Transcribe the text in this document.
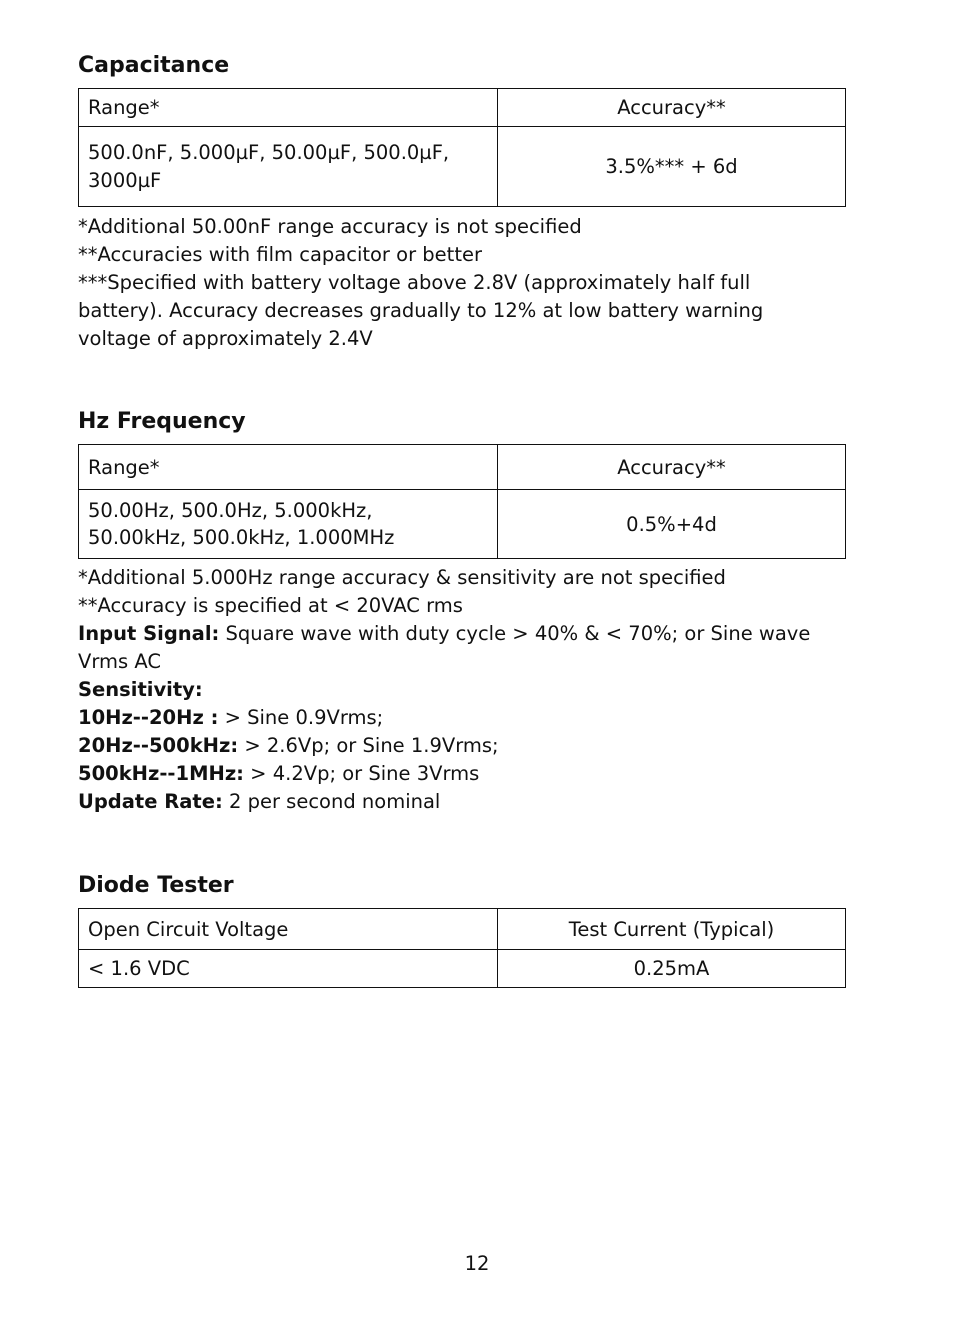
Capacitance
Range*	Accuracy**
500.0nF, 5.000µF, 50.00µF, 500.0µF,
3000µF	3.5%*** + 6d

*Additional 50.00nF range accuracy is not specified

**Accuracies with film capacitor or better

***Specified with battery voltage above 2.8V (approximately half full

battery). Accuracy decreases gradually to 12% at low battery warning

voltage of approximately 2.4V

Hz Frequency
Range*	Accuracy**
50.00Hz, 500.0Hz, 5.000kHz,
50.00kHz, 500.0kHz, 1.000MHz	0.5%+4d

*Additional 5.000Hz range accuracy & sensitivity are not specified

**Accuracy is specified at < 20VAC rms

Input Signal: Square wave with duty cycle > 40% & < 70%; or Sine wave

Vrms AC

Sensitivity:

10Hz--20Hz : > Sine 0.9Vrms;

20Hz--500kHz: > 2.6Vp; or Sine 1.9Vrms;

500kHz--1MHz: > 4.2Vp; or Sine 3Vrms

Update Rate: 2 per second nominal

Diode Tester
Open Circuit Voltage	Test Current (Typical)
< 1.6 VDC	0.25mA
12
